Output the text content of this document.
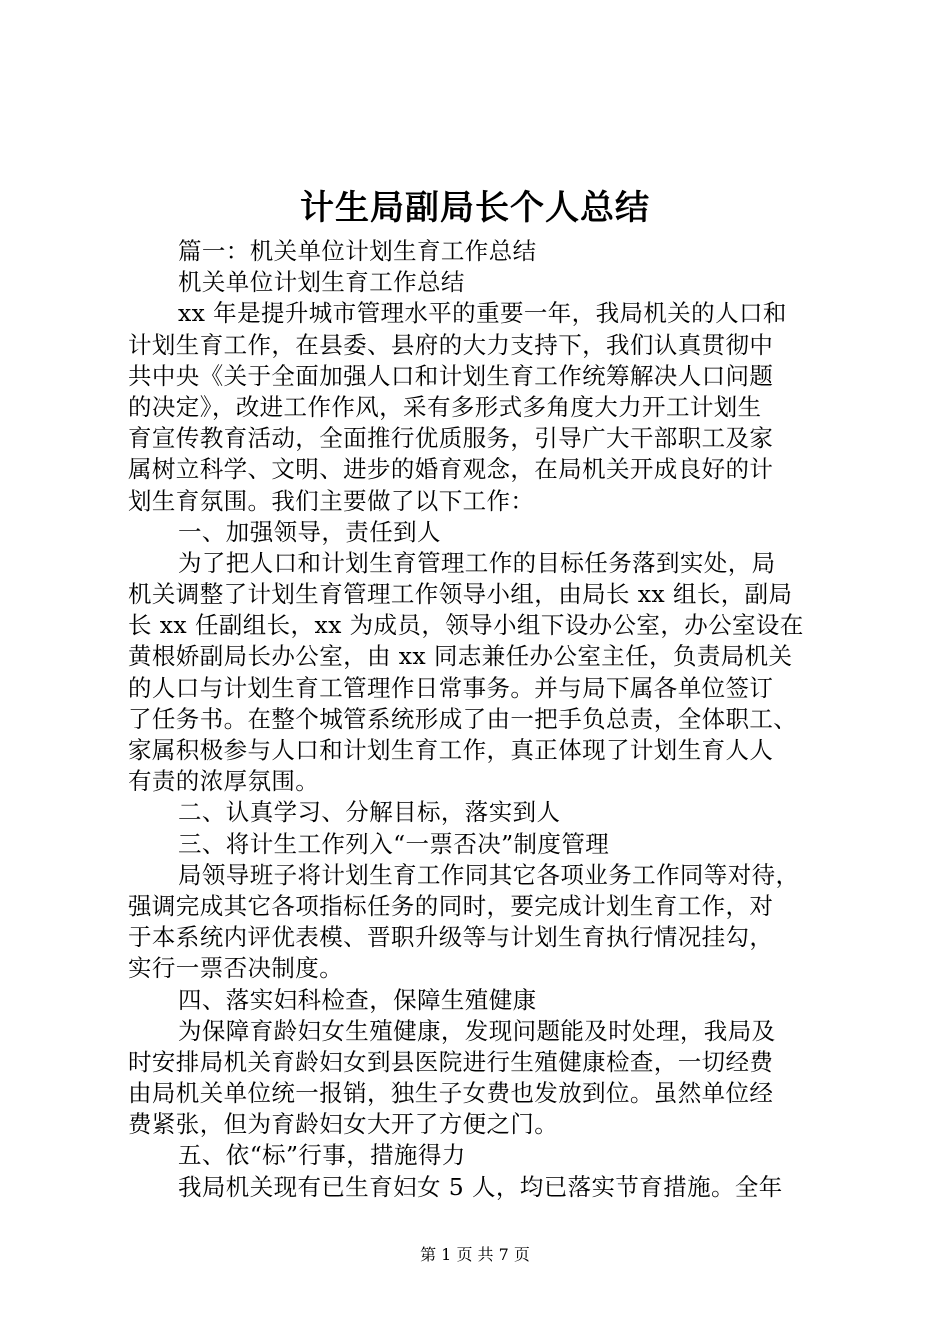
计生局副局长个人总结
篇一：机关单位计划生育工作总结
机关单位计划生育工作总结
xx 年是提升城市管理水平的重要一年，我局机关的人口和
计划生育工作，在县委、县府的大力支持下，我们认真贯彻中
共中央《关于全面加强人口和计划生育工作统筹解决人口问题
的决定》，改进工作作风，采有多形式多角度大力开工计划生
育宣传教育活动，全面推行优质服务，引导广大干部职工及家
属树立科学、文明、进步的婚育观念，在局机关开成良好的计
划生育氛围。我们主要做了以下工作：
一、加强领导，责任到人
为了把人口和计划生育管理工作的目标任务落到实处，局
机关调整了计划生育管理工作领导小组，由局长 xx 组长，副局
长 xx 任副组长，xx 为成员，领导小组下设办公室，办公室设在
黄根娇副局长办公室，由 xx 同志兼任办公室主任，负责局机关
的人口与计划生育工管理作日常事务。并与局下属各单位签订
了任务书。在整个城管系统形成了由一把手负总责，全体职工、
家属积极参与人口和计划生育工作，真正体现了计划生育人人
有责的浓厚氛围。
二、认真学习、分解目标，落实到人
三、将计生工作列入“一票否决”制度管理
局领导班子将计划生育工作同其它各项业务工作同等对待，
强调完成其它各项指标任务的同时，要完成计划生育工作，对
于本系统内评优表模、晋职升级等与计划生育执行情况挂勾，
实行一票否决制度。
四、落实妇科检查，保障生殖健康
为保障育龄妇女生殖健康，发现问题能及时处理，我局及
时安排局机关育龄妇女到县医院进行生殖健康检查，一切经费
由局机关单位统一报销，独生子女费也发放到位。虽然单位经
费紧张，但为育龄妇女大开了方便之门。
五、依“标”行事，措施得力
我局机关现有已生育妇女 5 人，均已落实节育措施。全年
第 1 页 共 7 页
